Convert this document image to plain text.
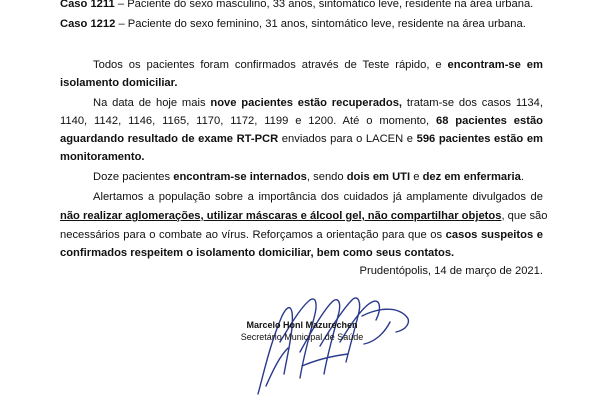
Caso 1211 – Paciente do sexo masculino, 33 anos, sintomático leve, residente na área urbana.
Caso 1212 – Paciente do sexo feminino, 31 anos, sintomático leve, residente na área urbana.
Todos os pacientes foram confirmados através de Teste rápido, e encontram-se em
isolamento domiciliar.
Na data de hoje mais nove pacientes estão recuperados, tratam-se dos casos 1134,
1140, 1142, 1146, 1165, 1170, 1172, 1199 e 1200. Até o momento, 68 pacientes estão
aguardando resultado de exame RT-PCR enviados para o LACEN e 596 pacientes estão em
monitoramento.
Doze pacientes encontram-se internados, sendo dois em UTI e dez em enfermaria.
Alertamos a população sobre a importância dos cuidados já amplamente divulgados de
não realizar aglomerações, utilizar máscaras e álcool gel, não compartilhar objetos, que são
necessários para o combate ao vírus. Reforçamos a orientação para que os casos suspeitos e
confirmados respeitem o isolamento domiciliar, bem como seus contatos.
Prudentópolis, 14 de março de 2021.
Marcelo Honl Mazurechen
Secretário Municipal de Saúde
